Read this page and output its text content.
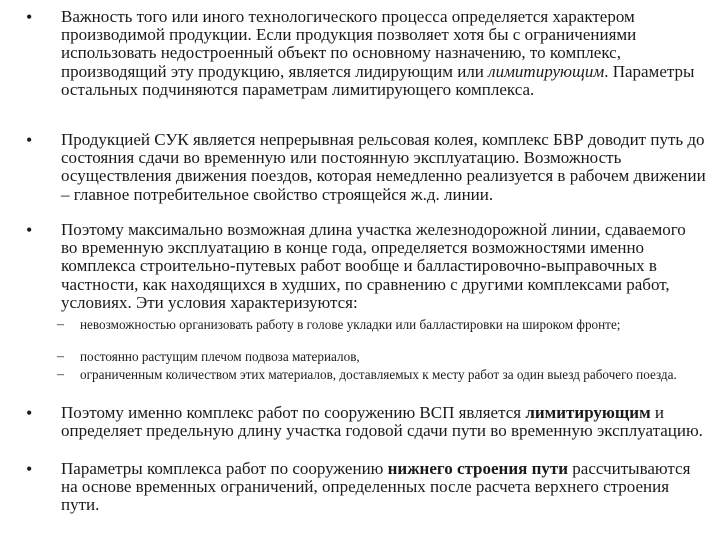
• Важность того или иного технологического процесса определяется характером производимой продукции. Если продукция позволяет хотя бы с ограничениями использовать недостроенный объект по основному назначению, то комплекс, производящий эту продукцию, является лидирующим или лимитирующим. Параметры остальных подчиняются параметрам лимитирующего комплекса.
• Продукцией СУК является непрерывная рельсовая колея, комплекс БВР доводит путь до состояния сдачи во временную или постоянную эксплуатацию. Возможность осуществления движения поездов, которая немедленно реализуется в рабочем движении – главное потребительное свойство строящейся ж.д. линии.
• Поэтому максимально возможная длина участка железнодорожной линии, сдаваемого во временную эксплуатацию в конце года, определяется возможностями именно комплекса строительно-путевых работ вообще и балластировочно-выправочных в частности, как находящихся в худших, по сравнению с другими комплексами работ, условиях. Эти условия характеризуются:
– невозможностью организовать работу в голове укладки или балластировки на широком фронте;
– постоянно растущим плечом подвоза материалов,
– ограниченным количеством этих материалов, доставляемых к месту работ за один выезд рабочего поезда.
• Поэтому именно комплекс работ по сооружению ВСП является лимитирующим и определяет предельную длину участка годовой сдачи пути во временную эксплуатацию.
• Параметры комплекса работ по сооружению нижнего строения пути рассчитываются на основе временных ограничений, определенных после расчета верхнего строения пути.
